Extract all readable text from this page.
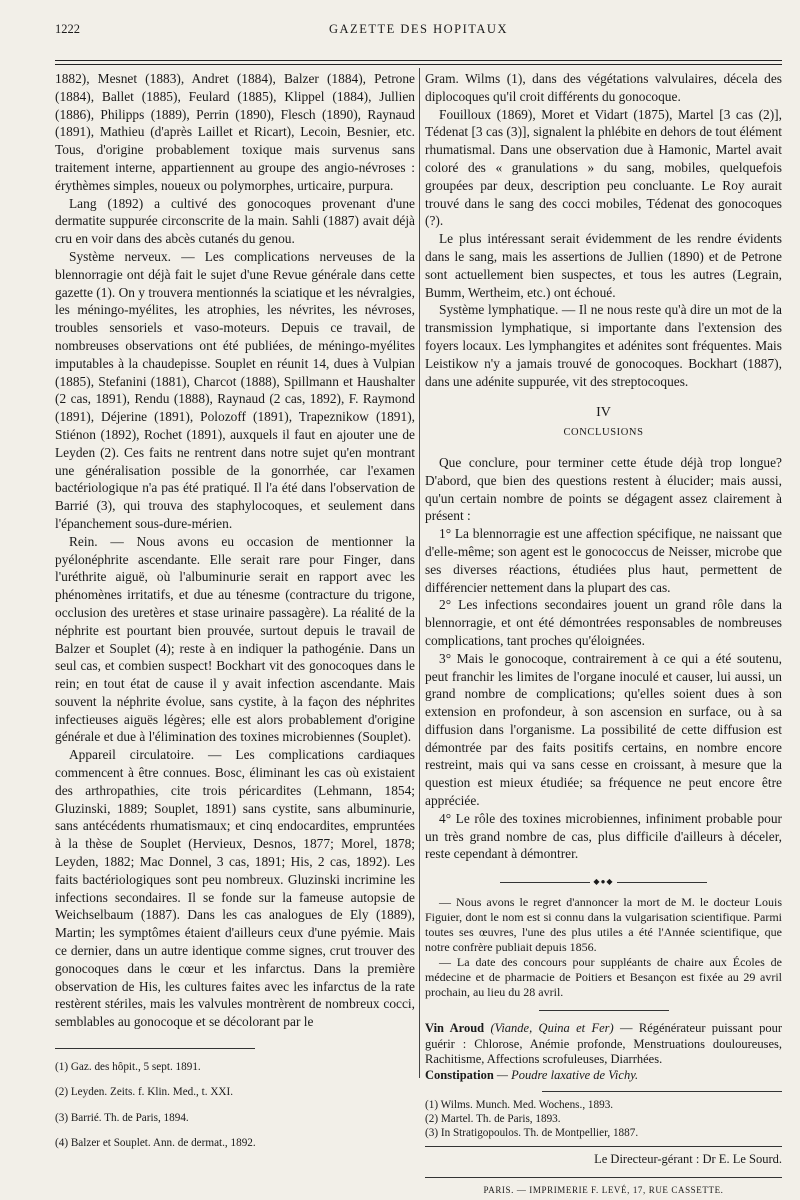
1222	GAZETTE DES HOPITAUX

1882), Mesnet (1883), Andret (1884), Balzer (1884), Petrone (1884), Ballet (1885), Feulard (1885), Klippel (1884), Jullien (1886), Philipps (1889), Perrin (1890), Flesch (1890), Raynaud (1891), Mathieu (d'après Laillet et Ricart), Lecoin, Besnier, etc. Tous, d'origine probablement toxique mais survenus sans traitement interne, appartiennent au groupe des angio-névroses : érythèmes simples, noueux ou polymorphes, urticaire, purpura.

Lang (1892) a cultivé des gonocoques provenant d'une dermatite suppurée circonscrite de la main. Sahli (1887) avait déjà cru en voir dans des abcès cutanés du genou.

Système nerveux. — Les complications nerveuses de la blennorragie ont déjà fait le sujet d'une Revue générale dans cette gazette (1). On y trouvera mentionnés la sciatique et les névralgies, les méningo-myélites, les atrophies, les névrites, les névroses, troubles sensoriels et vaso-moteurs. Depuis ce travail, de nombreuses observations ont été publiées, de méningo-myélites imputables à la chaudepisse. Souplet en réunit 14, dues à Vulpian (1885), Stefanini (1881), Charcot (1888), Spillmann et Haushalter (2 cas, 1891), Rendu (1888), Raynaud (2 cas, 1892), F. Raymond (1891), Déjerine (1891), Polozoff (1891), Trapeznikow (1891), Stiénon (1892), Rochet (1891), auxquels il faut en ajouter une de Leyden (2). Ces faits ne rentrent dans notre sujet qu'en montrant une généralisation possible de la gonorrhée, car l'examen bactériologique n'a pas été pratiqué. Il l'a été dans l'observation de Barrié (3), qui trouva des staphylocoques, et seulement dans l'épanchement sous-dure-mérien.

Rein. — Nous avons eu occasion de mentionner la pyélonéphrite ascendante. Elle serait rare pour Finger, dans l'uréthrite aiguë, où l'albuminurie serait en rapport avec les phénomènes irritatifs, et due au ténesme (contracture du trigone, occlusion des uretères et stase urinaire passagère). La réalité de la néphrite est pourtant bien prouvée, surtout depuis le travail de Balzer et Souplet (4); reste à en indiquer la pathogénie. Dans un seul cas, et combien suspect! Bockhart vit des gonocoques dans le rein; en tout état de cause il y avait infection ascendante. Mais souvent la néphrite évolue, sans cystite, à la façon des néphrites infectieuses aiguës légères; elle est alors probablement d'origine générale et due à l'élimination des toxines microbiennes (Souplet).

Appareil circulatoire. — Les complications cardiaques commencent à être connues. Bosc, éliminant les cas où existaient des arthropathies, cite trois péricardites (Lehmann, 1854; Gluzinski, 1889; Souplet, 1891) sans cystite, sans albuminurie, sans antécédents rhumatismaux; et cinq endocardites, empruntées à la thèse de Souplet (Hervieux, Desnos, 1877; Morel, 1878; Leyden, 1882; Mac Donnel, 3 cas, 1891; His, 2 cas, 1892). Les faits bactériologiques sont peu nombreux. Gluzinski incrimine les infections secondaires. Il se fonde sur la fameuse autopsie de Weichselbaum (1887). Dans les cas analogues de Ely (1889), Martin; les symptômes étaient d'ailleurs ceux d'une pyémie. Mais ce dernier, dans un autre identique comme signes, crut trouver des gonocoques dans le cœur et les infarctus. Dans la première observation de His, les cultures faites avec les infarctus de la rate restèrent stériles, mais les valvules montrèrent de nombreux cocci, semblables au gonocoque et se décolorant par le

(1) Gaz. des hôpit., 5 sept. 1891.

(2) Leyden. Zeits. f. Klin. Med., t. XXI.

(3) Barrié. Th. de Paris, 1894.

(4) Balzer et Souplet. Ann. de dermat., 1892.

Gram. Wilms (1), dans des végétations valvulaires, décela des diplocoques qu'il croit différents du gonocoque.

Fouilloux (1869), Moret et Vidart (1875), Martel [3 cas (2)], Tédenat [3 cas (3)], signalent la phlébite en dehors de tout élément rhumatismal. Dans une observation due à Hamonic, Martel avait coloré des « granulations » du sang, mobiles, quelquefois groupées par deux, description peu concluante. Le Roy aurait trouvé dans le sang des cocci mobiles, Tédenat des gonocoques (?).

Le plus intéressant serait évidemment de les rendre évidents dans le sang, mais les assertions de Jullien (1890) et de Petrone sont actuellement bien suspectes, et tous les autres (Legrain, Bumm, Wertheim, etc.) ont échoué.

Système lymphatique. — Il ne nous reste qu'à dire un mot de la transmission lymphatique, si importante dans l'extension des foyers locaux. Les lymphangites et adénites sont fréquentes. Mais Leistikow n'y a jamais trouvé de gonocoques. Bockhart (1887), dans une adénite suppurée, vit des streptocoques.

IV
CONCLUSIONS

Que conclure, pour terminer cette étude déjà trop longue? D'abord, que bien des questions restent à élucider; mais aussi, qu'un certain nombre de points se dégagent assez clairement à présent :

1° La blennorragie est une affection spécifique, ne naissant que d'elle-même; son agent est le gonococcus de Neisser, microbe que ses diverses réactions, étudiées plus haut, permettent de différencier nettement dans la plupart des cas.

2° Les infections secondaires jouent un grand rôle dans la blennorragie, et ont été démontrées responsables de nombreuses complications, tant proches qu'éloignées.

3° Mais le gonocoque, contrairement à ce qui a été soutenu, peut franchir les limites de l'organe inoculé et causer, lui aussi, un grand nombre de complications; qu'elles soient dues à son extension en profondeur, à son ascension en surface, ou à sa diffusion dans l'organisme. La possibilité de cette diffusion est démontrée par des faits positifs certains, en nombre encore restreint, mais qui va sans cesse en croissant, à mesure que la question est mieux étudiée; sa fréquence ne peut encore être appréciée.

4° Le rôle des toxines microbiennes, infiniment probable pour un très grand nombre de cas, plus difficile d'ailleurs à déceler, reste cependant à démontrer.

◆●◆

— Nous avons le regret d'annoncer la mort de M. le docteur Louis Figuier, dont le nom est si connu dans la vulgarisation scientifique. Parmi toutes ses œuvres, l'une des plus utiles a été l'Année scientifique, que notre confrère publiait depuis 1856.

— La date des concours pour suppléants de chaire aux Écoles de médecine et de pharmacie de Poitiers et Besançon est fixée au 29 avril prochain, au lieu du 28 avril.

Vin Aroud (Viande, Quina et Fer) — Régénérateur puissant pour guérir : Chlorose, Anémie profonde, Menstruations douloureuses, Rachitisme, Affections scrofuleuses, Diarrhées.

Constipation — Poudre laxative de Vichy.

(1) Wilms. Munch. Med. Wochens., 1893.

(2) Martel. Th. de Paris, 1893.

(3) In Stratigopoulos. Th. de Montpellier, 1887.

Le Directeur-gérant : Dr E. Le Sourd.
PARIS. — IMPRIMERIE F. LEVÉ, 17, RUE CASSETTE.
